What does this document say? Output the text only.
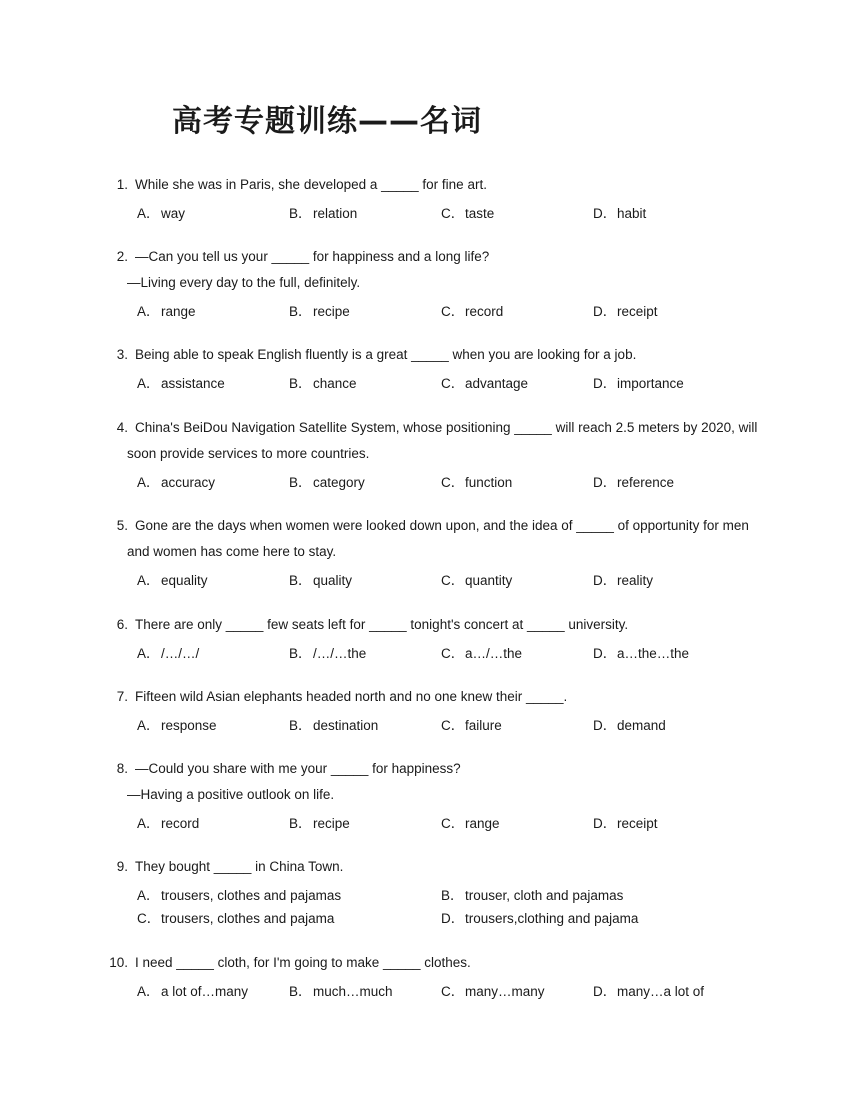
高考专题训练——名词
1. While she was in Paris, she developed a _____ for fine art.
A．way	B．relation	C．taste	D．habit
2. —Can you tell us your _____ for happiness and a long life?
—Living every day to the full, definitely.
A．range	B．recipe	C．record	D．receipt
3. Being able to speak English fluently is a great _____ when you are looking for a job.
A．assistance	B．chance	C．advantage	D．importance
4. China's BeiDou Navigation Satellite System, whose positioning _____ will reach 2.5 meters by 2020, will
soon provide services to more countries.
A．accuracy	B．category	C．function	D．reference
5. Gone are the days when women were looked down upon, and the idea of _____ of opportunity for men
and women has come here to stay.
A．equality	B．quality	C．quantity	D．reality
6. There are only _____ few seats left for _____ tonight's concert at _____ university.
A．/…/…/	B．/…/…the	C．a…/…the	D．a…the…the
7. Fifteen wild Asian elephants headed north and no one knew their _____.
A．response	B．destination	C．failure	D．demand
8. —Could you share with me your _____ for happiness?
—Having a positive outlook on life.
A．record	B．recipe	C．range	D．receipt
9. They bought _____ in China Town.
A．trousers, clothes and pajamas	B．trouser, cloth and pajamas
C．trousers, clothes and pajama	D．trousers,clothing and pajama
10. I need _____ cloth, for I'm going to make _____ clothes.
A．a lot of…many	B．much…much	C．many…many	D．many…a lot of
